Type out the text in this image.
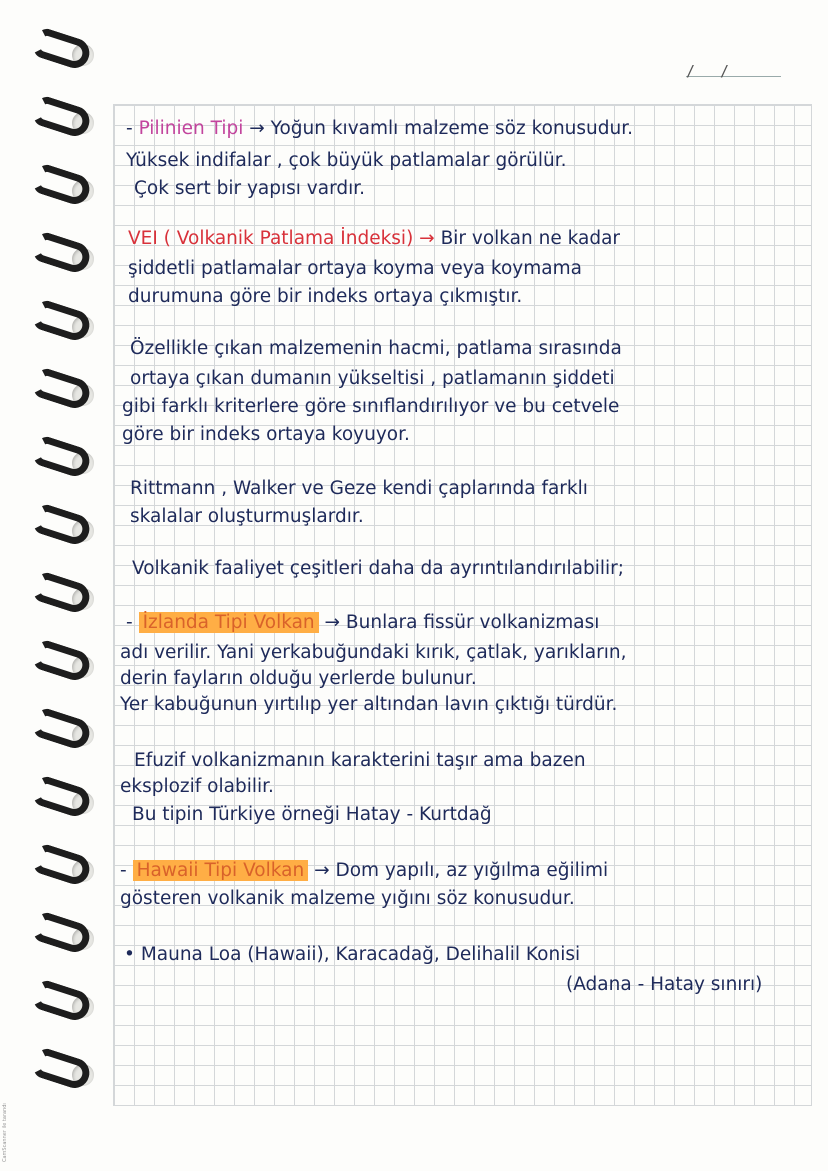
CamScanner ile tarandı
/ /
- Pilinien Tipi → Yoğun kıvamlı malzeme söz konusudur.
Yüksek indifalar , çok büyük patlamalar görülür.
Çok sert bir yapısı vardır.
VEI ( Volkanik Patlama İndeksi) → Bir volkan ne kadar
şiddetli patlamalar ortaya koyma veya koymama
durumuna göre bir indeks ortaya çıkmıştır.
Özellikle çıkan malzemenin hacmi, patlama sırasında
ortaya çıkan dumanın yükseltisi , patlamanın şiddeti
gibi farklı kriterlere göre sınıflandırılıyor ve bu cetvele
göre bir indeks ortaya koyuyor.
Rittmann , Walker ve Geze kendi çaplarında farklı
skalalar oluşturmuşlardır.
Volkanik faaliyet çeşitleri daha da ayrıntılandırılabilir;
- İzlanda Tipi Volkan → Bunlara fissür volkanizması
adı verilir. Yani yerkabuğundaki kırık, çatlak, yarıkların,
derin fayların olduğu yerlerde bulunur.
Yer kabuğunun yırtılıp yer altından lavın çıktığı türdür.
Efuzif volkanizmanın karakterini taşır ama bazen
eksplozif olabilir.
Bu tipin Türkiye örneği Hatay - Kurtdağ
- Hawaii Tipi Volkan → Dom yapılı, az yığılma eğilimi
gösteren volkanik malzeme yığını söz konusudur.
• Mauna Loa (Hawaii), Karacadağ, Delihalil Konisi
(Adana - Hatay sınırı)
